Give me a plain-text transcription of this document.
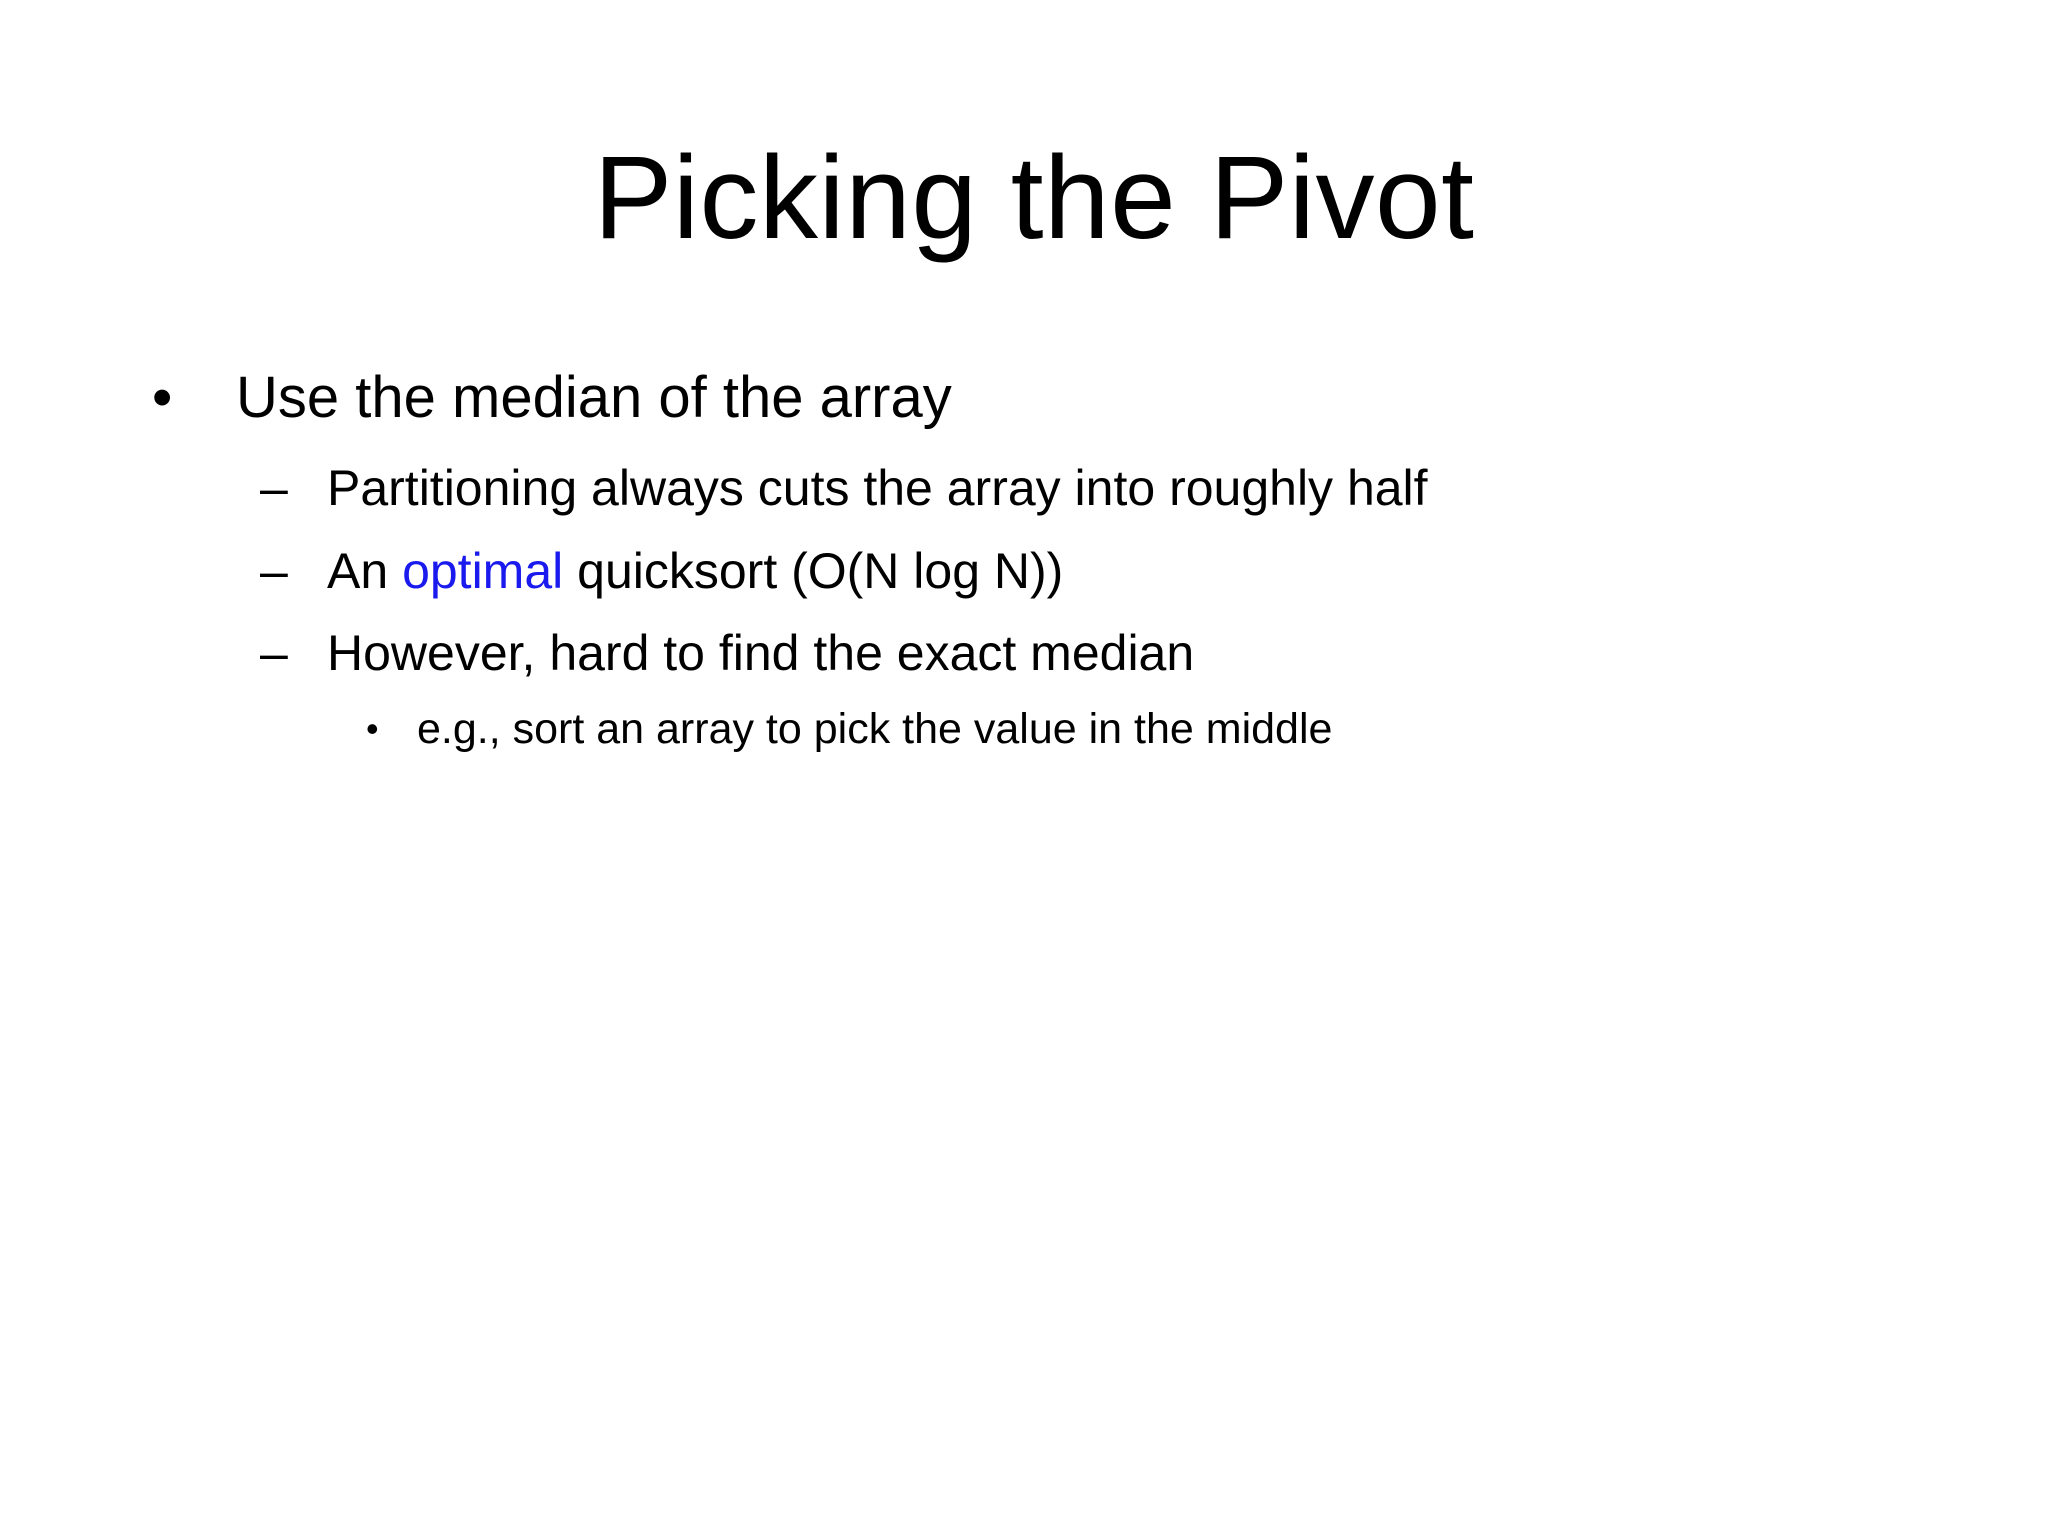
Picking the Pivot
• Use the median of the array
– Partitioning always cuts the array into roughly half
– An optimal quicksort (O(N log N))
– However, hard to find the exact median
• e.g., sort an array to pick the value in the middle
